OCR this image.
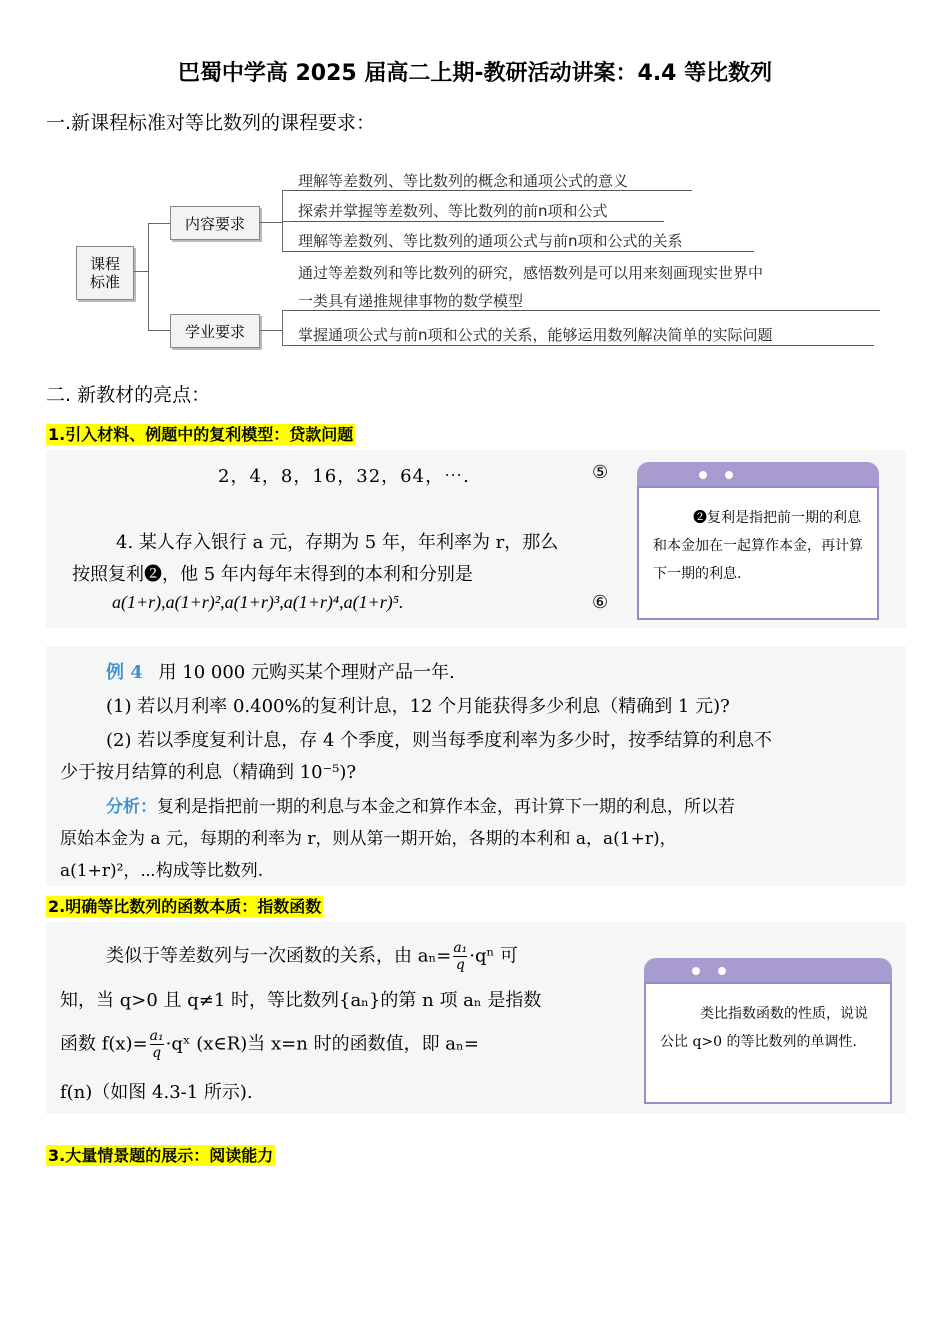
巴蜀中学高 2025 届高二上期-教研活动讲案：4.4 等比数列
一.新课程标准对等比数列的课程要求：
课程
标准
内容要求
学业要求
理解等差数列、等比数列的概念和通项公式的意义
探索并掌握等差数列、等比数列的前n项和公式
理解等差数列、等比数列的通项公式与前n项和公式的关系
通过等差数列和等比数列的研究，感悟数列是可以用来刻画现实世界中
一类具有递推规律事物的数学模型
掌握通项公式与前n项和公式的关系，能够运用数列解决简单的实际问题
二. 新教材的亮点：
1.引入材料、例题中的复利模型：贷款问题
2，4，8，16，32，64，⋯.	⑤
4. 某人存入银行 a 元，存期为 5 年，年利率为 r，那么
按照复利❷，他 5 年内每年末得到的本利和分别是
a(1+r),a(1+r)²,a(1+r)³,a(1+r)⁴,a(1+r)⁵.	⑥
❷复利是指把前一期的利息和本金加在一起算作本金，再计算下一期的利息.
例 4 用 10 000 元购买某个理财产品一年.
(1) 若以月利率 0.400%的复利计息，12 个月能获得多少利息（精确到 1 元)?
(2) 若以季度复利计息，存 4 个季度，则当每季度利率为多少时，按季结算的利息不
少于按月结算的利息（精确到 10⁻⁵)?
分析：复利是指把前一期的利息与本金之和算作本金，再计算下一期的利息，所以若
原始本金为 a 元，每期的利率为 r，则从第一期开始，各期的本利和 a，a(1+r)，
a(1+r)²，⋯构成等比数列.
2.明确等比数列的函数本质：指数函数
类似于等差数列与一次函数的关系，由 $a_n= \frac{\text{a₁}}{q} \cdot q^n$ 可
知，当 q>0 且 q≠1 时，等比数列{aₙ}的第 n 项 aₙ 是指数
函数 $f(x)= \frac{\text{a₁}}{q}$ ·qˣ (x∈R)当 x=n 时的函数值，即 aₙ=
f(n)（如图 4.3-1 所示).
类比指数函数的性质，说说公比 q>0 的等比数列的单调性.
3.大量情景题的展示：阅读能力
